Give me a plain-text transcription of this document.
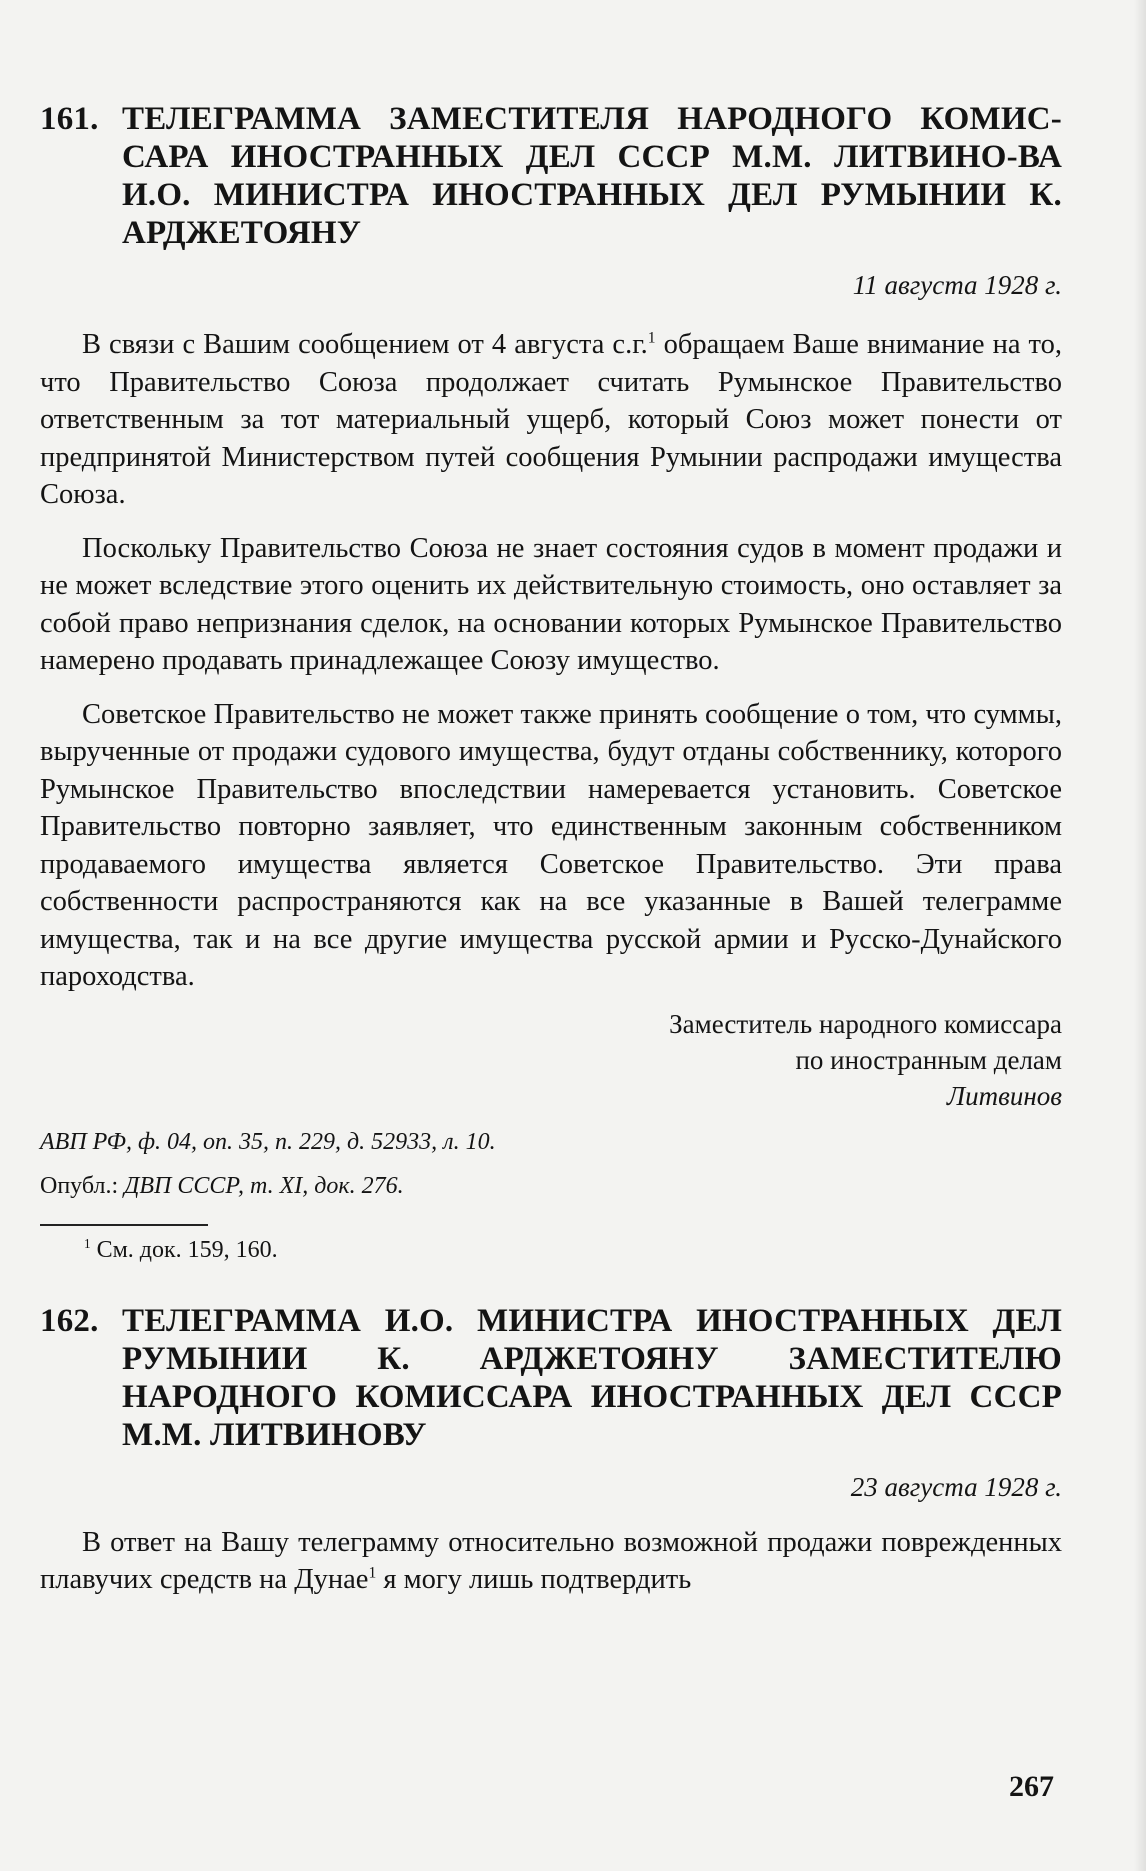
161. ТЕЛЕГРАММА ЗАМЕСТИТЕЛЯ НАРОДНОГО КОМИС-САРА ИНОСТРАННЫХ ДЕЛ СССР М.М. ЛИТВИНО-ВА И.О. МИНИСТРА ИНОСТРАННЫХ ДЕЛ РУМЫНИИ К. АРДЖЕТОЯНУ
11 августа 1928 г.

В связи с Вашим сообщением от 4 августа с.г.$^1$ обращаем Ваше внимание на то, что Правительство Союза продолжает считать Румынское Правительство ответственным за тот материальный ущерб, который Союз может понести от предпринятой Министерством путей сообщения Румынии распродажи имущества Союза.

Поскольку Правительство Союза не знает состояния судов в момент продажи и не может вследствие этого оценить их действительную стоимость, оно оставляет за собой право непризнания сделок, на основании которых Румынское Правительство намерено продавать принадлежащее Союзу имущество.

Советское Правительство не может также принять сообщение о том, что суммы, вырученные от продажи судового имущества, будут отданы собственнику, которого Румынское Правительство впоследствии намеревается установить. Советское Правительство повторно заявляет, что единственным законным собственником продаваемого имущества является Советское Правительство. Эти права собственности распространяются как на все указанные в Вашей телеграмме имущества, так и на все другие имущества русской армии и Русско-Дунайского пароходства.

Заместитель народного комиссара
по иностранным делам
Литвинов
АВП РФ, ф. 04, оп. 35, п. 229, д. 52933, л. 10.
Опубл.: ДВП СССР, т. XI, док. 276.
$^1$ См. док. 159, 160.
162. ТЕЛЕГРАММА И.О. МИНИСТРА ИНОСТРАННЫХ ДЕЛ РУМЫНИИ К. АРДЖЕТОЯНУ ЗАМЕСТИТЕЛЮ НАРОДНОГО КОМИССАРА ИНОСТРАННЫХ ДЕЛ СССР М.М. ЛИТВИНОВУ
23 августа 1928 г.

В ответ на Вашу телеграмму относительно возможной продажи поврежденных плавучих средств на Дунае$^1$ я могу лишь подтвердить

267
